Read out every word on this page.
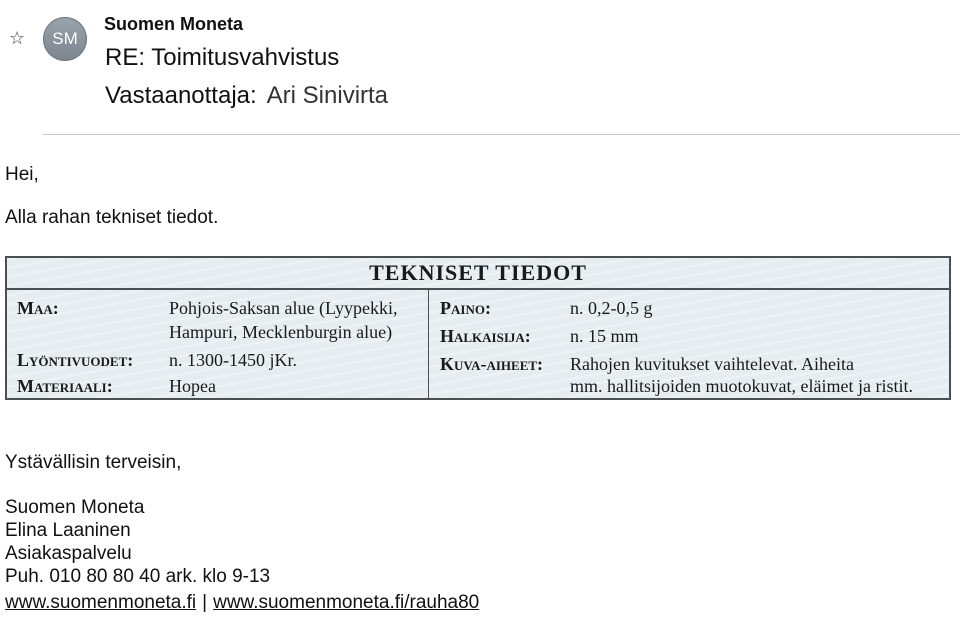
☆ SM
Suomen Moneta
RE: Toimitusvahvistus
Vastaanottaja: Ari Sinivirta
Hei,
Alla rahan tekniset tiedot.
TEKNISET TIEDOT
Maa:	Pohjois-Saksan alue (Lyypekki,
Hampuri, Mecklenburgin alue)
Lyöntivuodet: n. 1300-1450 jKr.
Materiaali:	Hopea
Paino:	n. 0,2-0,5 g
Halkaisija: n. 15 mm
Kuva-aiheet: Rahojen kuvitukset vaihtelevat. Aiheita
mm. hallitsijoiden muotokuvat, eläimet ja ristit.
Ystävällisin terveisin,
Suomen Moneta
Elina Laaninen
Asiakaspalvelu
Puh. 010 80 80 40 ark. klo 9-13
www.suomenmoneta.fi | www.suomenmoneta.fi/rauha80
